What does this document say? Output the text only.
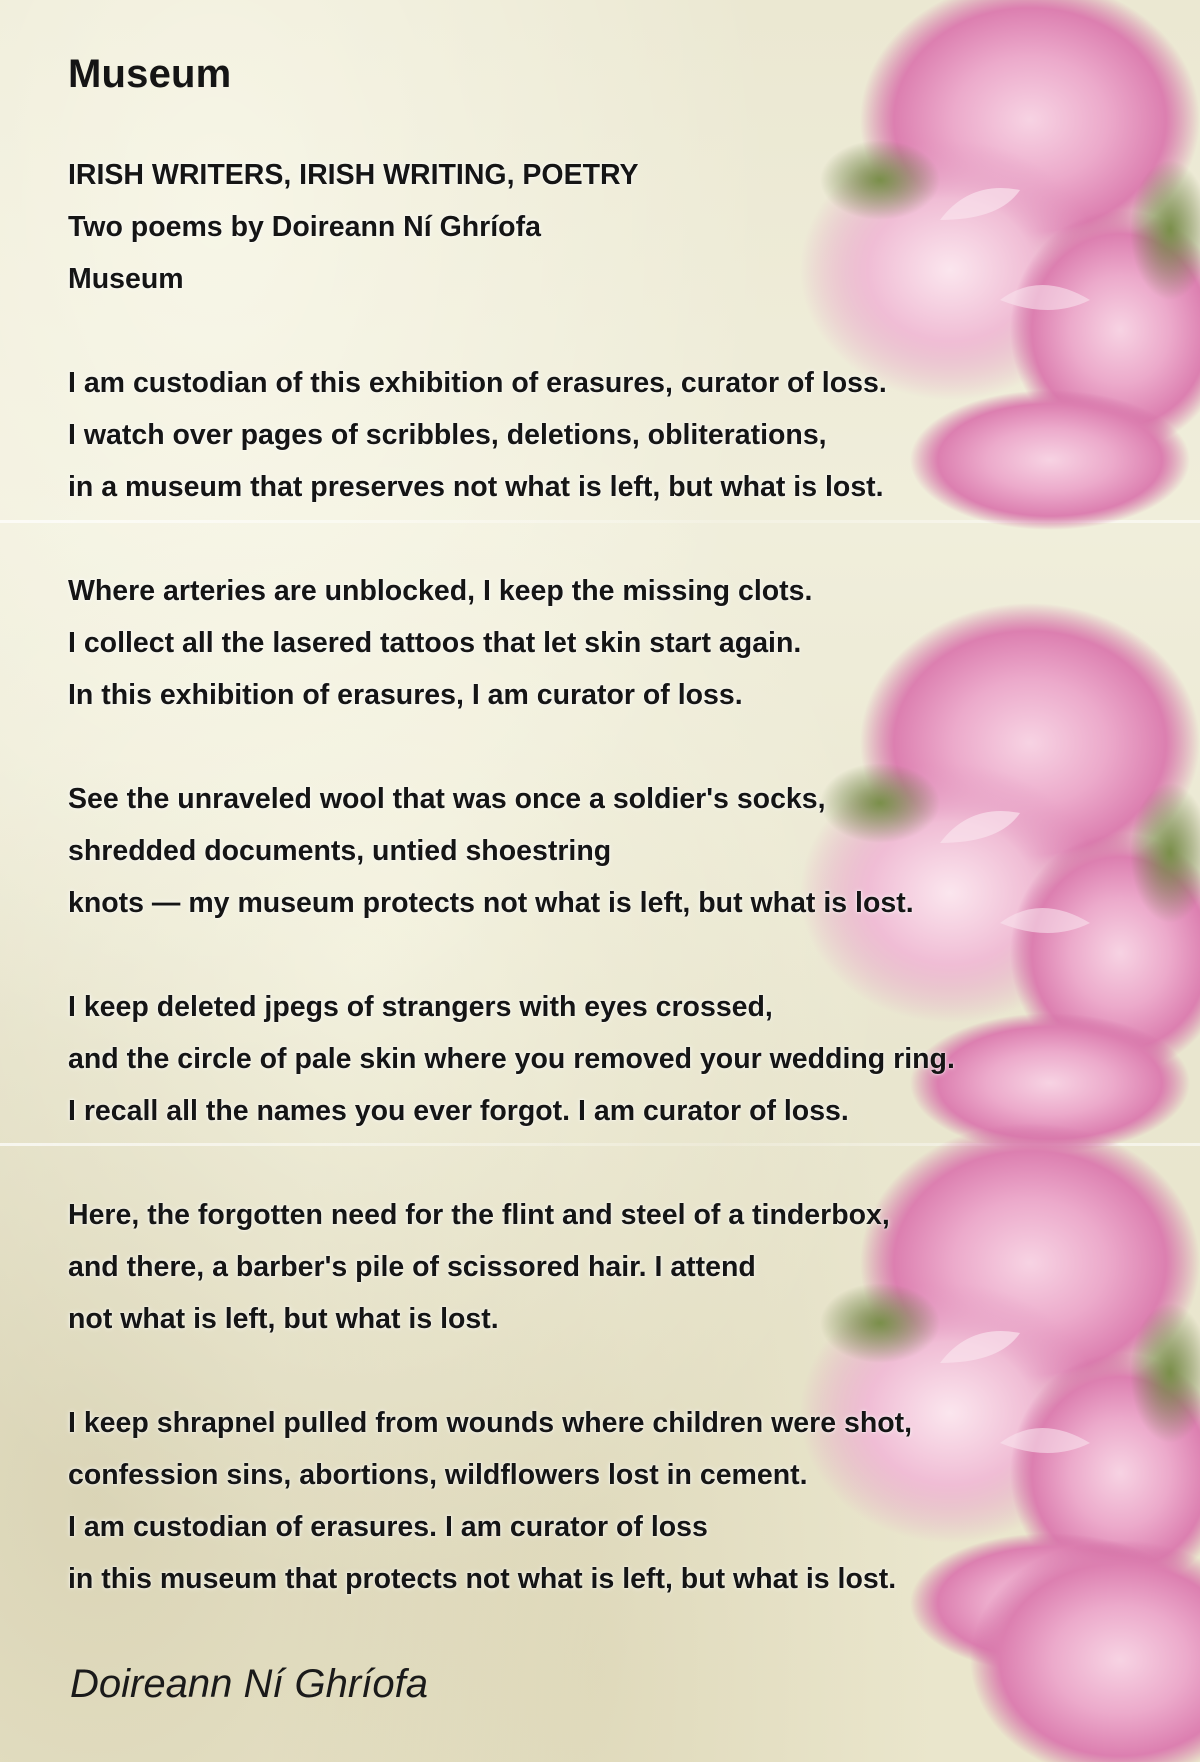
Museum
IRISH WRITERS, IRISH WRITING, POETRY
Two poems by Doireann Ní Ghríofa
Museum
I am custodian of this exhibition of erasures, curator of loss.
I watch over pages of scribbles, deletions, obliterations,
in a museum that preserves not what is left, but what is lost.
Where arteries are unblocked, I keep the missing clots.
I collect all the lasered tattoos that let skin start again.
In this exhibition of erasures, I am curator of loss.
See the unraveled wool that was once a soldier's socks,
shredded documents, untied shoestring
knots — my museum protects not what is left, but what is lost.
I keep deleted jpegs of strangers with eyes crossed,
and the circle of pale skin where you removed your wedding ring.
I recall all the names you ever forgot. I am curator of loss.
Here, the forgotten need for the flint and steel of a tinderbox,
and there, a barber's pile of scissored hair. I attend
not what is left, but what is lost.
I keep shrapnel pulled from wounds where children were shot,
confession sins, abortions, wildflowers lost in cement.
I am custodian of erasures. I am curator of loss
in this museum that protects not what is left, but what is lost.
Doireann Ní Ghríofa
